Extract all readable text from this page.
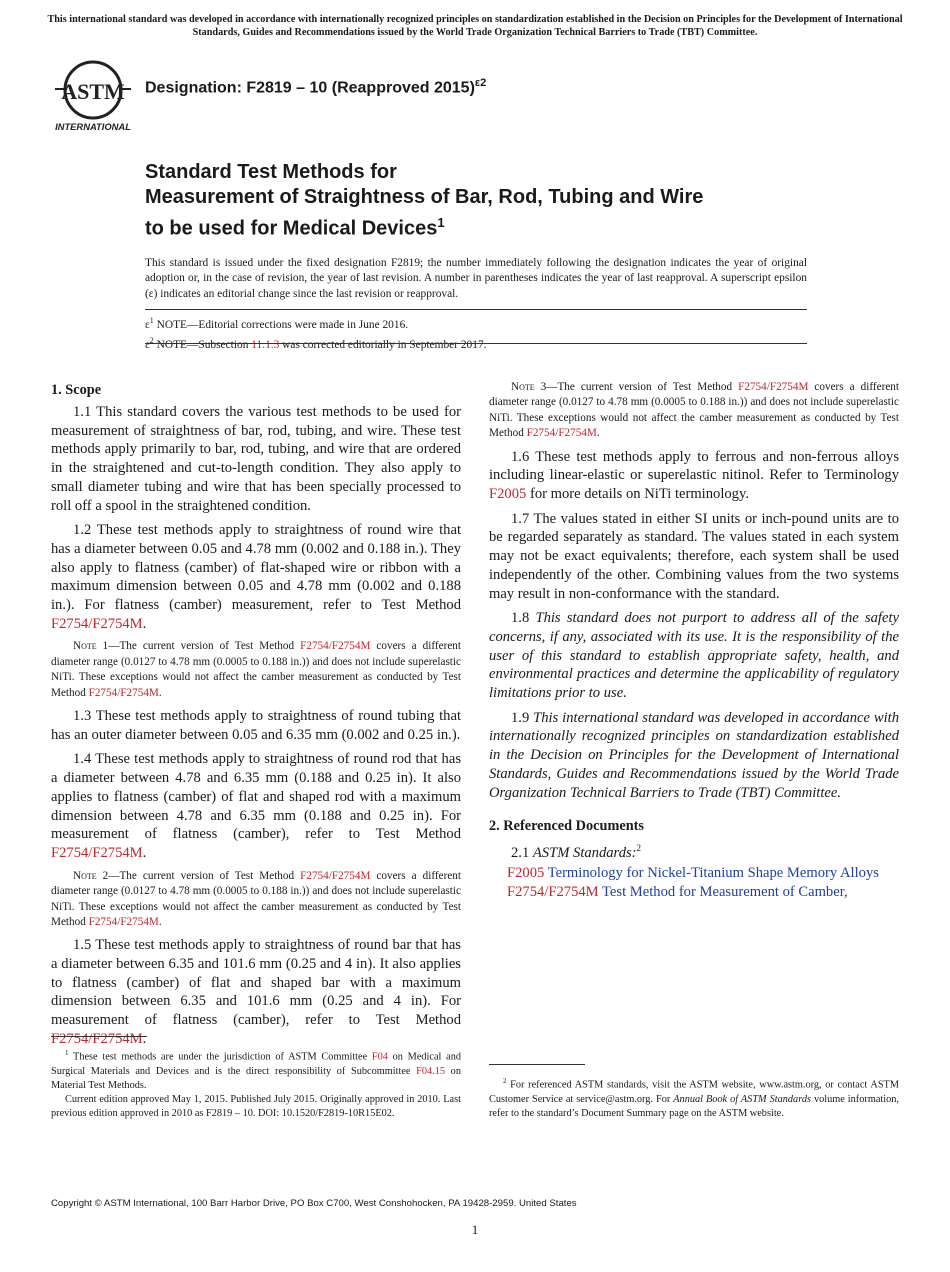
This international standard was developed in accordance with internationally recognized principles on standardization established in the Decision on Principles for the Development of International Standards, Guides and Recommendations issued by the World Trade Organization Technical Barriers to Trade (TBT) Committee.
ASTM
INTERNATIONAL
Designation: F2819 – 10 (Reapproved 2015)$^{\varepsilon 2}$
Standard Test Methods for
Measurement of Straightness of Bar, Rod, Tubing and Wire
to be used for Medical Devices$^1$
This standard is issued under the fixed designation F2819; the number immediately following the designation indicates the year of original adoption or, in the case of revision, the year of last revision. A number in parentheses indicates the year of last reapproval. A superscript epsilon (ε) indicates an editorial change since the last revision or reapproval.
$\varepsilon^1$ NOTE—Editorial corrections were made in June 2016.
$\varepsilon^2$ NOTE—Subsection 11.1.3 was corrected editorially in September 2017.
1. Scope

1.1 This standard covers the various test methods to be used for measurement of straightness of bar, rod, tubing, and wire. These test methods apply primarily to bar, rod, tubing, and wire that are ordered in the straightened and cut-to-length condition. They also apply to small diameter tubing and wire that has been specially processed to roll off a spool in the straightened condition.

1.2 These test methods apply to straightness of round wire that has a diameter between 0.05 and 4.78 mm (0.002 and 0.188 in.). They also apply to flatness (camber) of flat-shaped wire or ribbon with a maximum dimension between 0.05 and 4.78 mm (0.002 and 0.188 in.). For flatness (camber) measurement, refer to Test Method F2754/F2754M.

Note 1—The current version of Test Method F2754/F2754M covers a different diameter range (0.0127 to 4.78 mm (0.0005 to 0.188 in.)) and does not include superelastic NiTi. These exceptions would not affect the camber measurement as conducted by Test Method F2754/F2754M.

1.3 These test methods apply to straightness of round tubing that has an outer diameter between 0.05 and 6.35 mm (0.002 and 0.25 in.).

1.4 These test methods apply to straightness of round rod that has a diameter between 4.78 and 6.35 mm (0.188 and 0.25 in). It also applies to flatness (camber) of flat and shaped rod with a maximum dimension between 4.78 and 6.35 mm (0.188 and 0.25 in). For measurement of flatness (camber), refer to Test Method F2754/F2754M.

Note 2—The current version of Test Method F2754/F2754M covers a different diameter range (0.0127 to 4.78 mm (0.0005 to 0.188 in.)) and does not include superelastic NiTi. These exceptions would not affect the camber measurement as conducted by Test Method F2754/F2754M.

1.5 These test methods apply to straightness of round bar that has a diameter between 6.35 and 101.6 mm (0.25 and 4 in). It also applies to flatness (camber) of flat and shaped bar with a maximum dimension between 6.35 and 101.6 mm (0.25 and 4 in). For measurement of flatness (camber), refer to Test Method F2754/F2754M.

Note 3—The current version of Test Method F2754/F2754M covers a different diameter range (0.0127 to 4.78 mm (0.0005 to 0.188 in.)) and does not include superelastic NiTi. These exceptions would not affect the camber measurement as conducted by Test Method F2754/F2754M.

1.6 These test methods apply to ferrous and non-ferrous alloys including linear-elastic or superelastic nitinol. Refer to Terminology F2005 for more details on NiTi terminology.

1.7 The values stated in either SI units or inch-pound units are to be regarded separately as standard. The values stated in each system may not be exact equivalents; therefore, each system shall be used independently of the other. Combining values from the two systems may result in non-conformance with the standard.

1.8 This standard does not purport to address all of the safety concerns, if any, associated with its use. It is the responsibility of the user of this standard to establish appropriate safety, health, and environmental practices and determine the applicability of regulatory limitations prior to use.

1.9 This international standard was developed in accordance with internationally recognized principles on standardization established in the Decision on Principles for the Development of International Standards, Guides and Recommendations issued by the World Trade Organization Technical Barriers to Trade (TBT) Committee.

2. Referenced Documents

2.1 ASTM Standards:$^2$

F2005 Terminology for Nickel-Titanium Shape Memory Alloys

F2754/F2754M Test Method for Measurement of Camber,

$^1$ These test methods are under the jurisdiction of ASTM Committee F04 on Medical and Surgical Materials and Devices and is the direct responsibility of Subcommittee F04.15 on Material Test Methods.

Current edition approved May 1, 2015. Published July 2015. Originally approved in 2010. Last previous edition approved in 2010 as F2819 – 10. DOI: 10.1520/F2819-10R15E02.

$^2$ For referenced ASTM standards, visit the ASTM website, www.astm.org, or contact ASTM Customer Service at service@astm.org. For Annual Book of ASTM Standards volume information, refer to the standard’s Document Summary page on the ASTM website.

Copyright © ASTM International, 100 Barr Harbor Drive, PO Box C700, West Conshohocken, PA 19428-2959. United States
1
